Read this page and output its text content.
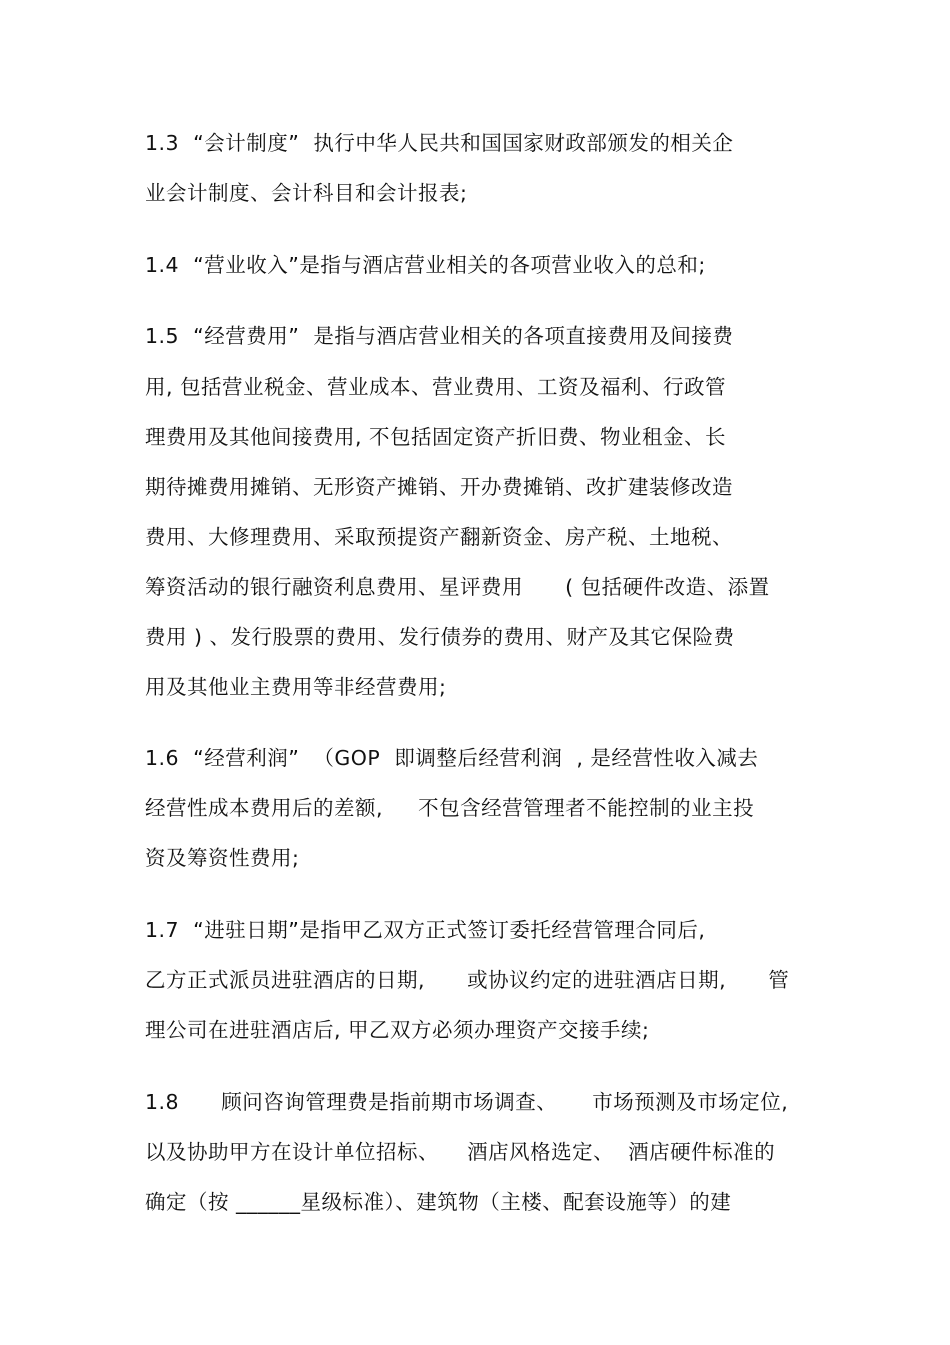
1.3  “会计制度”  执行中华人民共和国国家财政部颁发的相关企
业会计制度、会计科目和会计报表;
1.4  “营业收入”是指与酒店营业相关的各项营业收入的总和;
1.5  “经营费用”  是指与酒店营业相关的各项直接费用及间接费
用, 包括营业税金、营业成本、营业费用、工资及福利、行政管
理费用及其他间接费用, 不包括固定资产折旧费、物业租金、长
期待摊费用摊销、无形资产摊销、开办费摊销、改扩建装修改造
费用、大修理费用、采取预提资产翻新资金、房产税、土地税、
筹资活动的银行融资利息费用、星评费用      ( 包括硬件改造、添置
费用 ) 、发行股票的费用、发行债券的费用、财产及其它保险费
用及其他业主费用等非经营费用;
1.6  “经营利润”  （GOP  即调整后经营利润  , 是经营性收入减去
经营性成本费用后的差额,     不包含经营管理者不能控制的业主投
资及筹资性费用;
1.7  “进驻日期”是指甲乙双方正式签订委托经营管理合同后,
乙方正式派员进驻酒店的日期,      或协议约定的进驻酒店日期,      管
理公司在进驻酒店后, 甲乙双方必须办理资产交接手续;
1.8      顾问咨询管理费是指前期市场调查、     市场预测及市场定位,
以及协助甲方在设计单位招标、    酒店风格选定、  酒店硬件标准的
确定（按 ______星级标准）、建筑物（主楼、配套设施等）的建
